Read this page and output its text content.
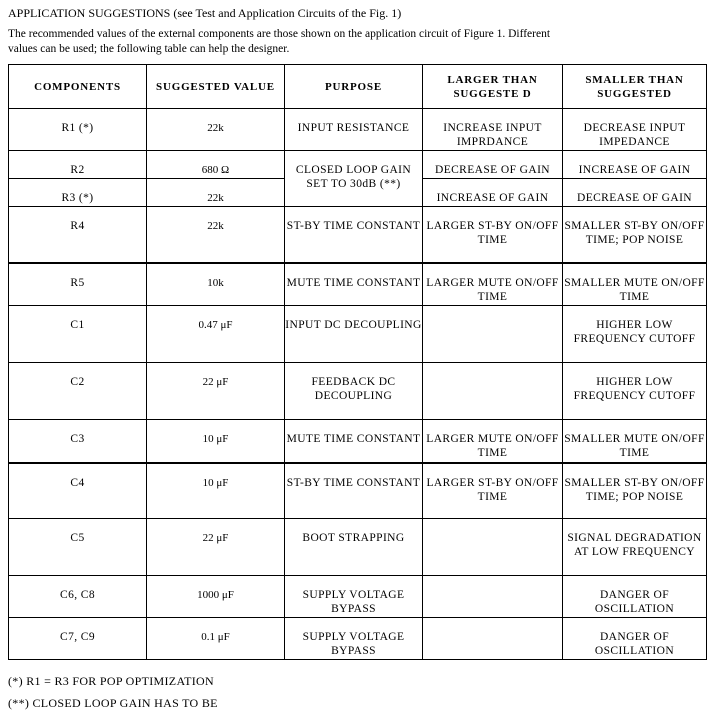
APPLICATION SUGGESTIONS (see Test and Application Circuits of the Fig. 1)
The recommended values of the external components are those shown on the application circuit of Figure 1. Different values can be used; the following table can help the designer.
COMPONENTS	SUGGESTED VALUE	PURPOSE	LARGER THAN SUGGESTE D	SMALLER THAN SUGGESTED

R1 (*)	22k	INPUT RESISTANCE	INCREASE INPUT IMPRDANCE	DECREASE INPUT IMPEDANCE

R2	680 Ω	CLOSED LOOP GAIN SET TO 30dB (**)	DECREASE OF GAIN	INCREASE OF GAIN

R3 (*)	22k		INCREASE OF GAIN	DECREASE OF GAIN

R4	22k	ST-BY TIME CONSTANT	LARGER ST-BY ON/OFF TIME	SMALLER ST-BY ON/OFF TIME; POP NOISE

R5	10k	MUTE TIME CONSTANT	LARGER MUTE ON/OFF TIME	SMALLER MUTE ON/OFF TIME

C1	0.47 μF	INPUT DC DECOUPLING		HIGHER LOW FREQUENCY CUTOFF

C2	22 μF	FEEDBACK DC DECOUPLING		HIGHER LOW FREQUENCY CUTOFF

C3	10 μF	MUTE TIME CONSTANT	LARGER MUTE ON/OFF TIME	SMALLER MUTE ON/OFF TIME

C4	10 μF	ST-BY TIME CONSTANT	LARGER ST-BY ON/OFF TIME	SMALLER ST-BY ON/OFF TIME; POP NOISE

C5	22 μF	BOOT STRAPPING		SIGNAL DEGRADATION AT LOW FREQUENCY

C6, C8	1000 μF	SUPPLY VOLTAGE BYPASS		DANGER OF OSCILLATION

C7, C9	0.1 μF	SUPPLY VOLTAGE BYPASS		DANGER OF OSCILLATION
(*) R1 = R3 FOR POP OPTIMIZATION
(**) CLOSED LOOP GAIN HAS TO BE
